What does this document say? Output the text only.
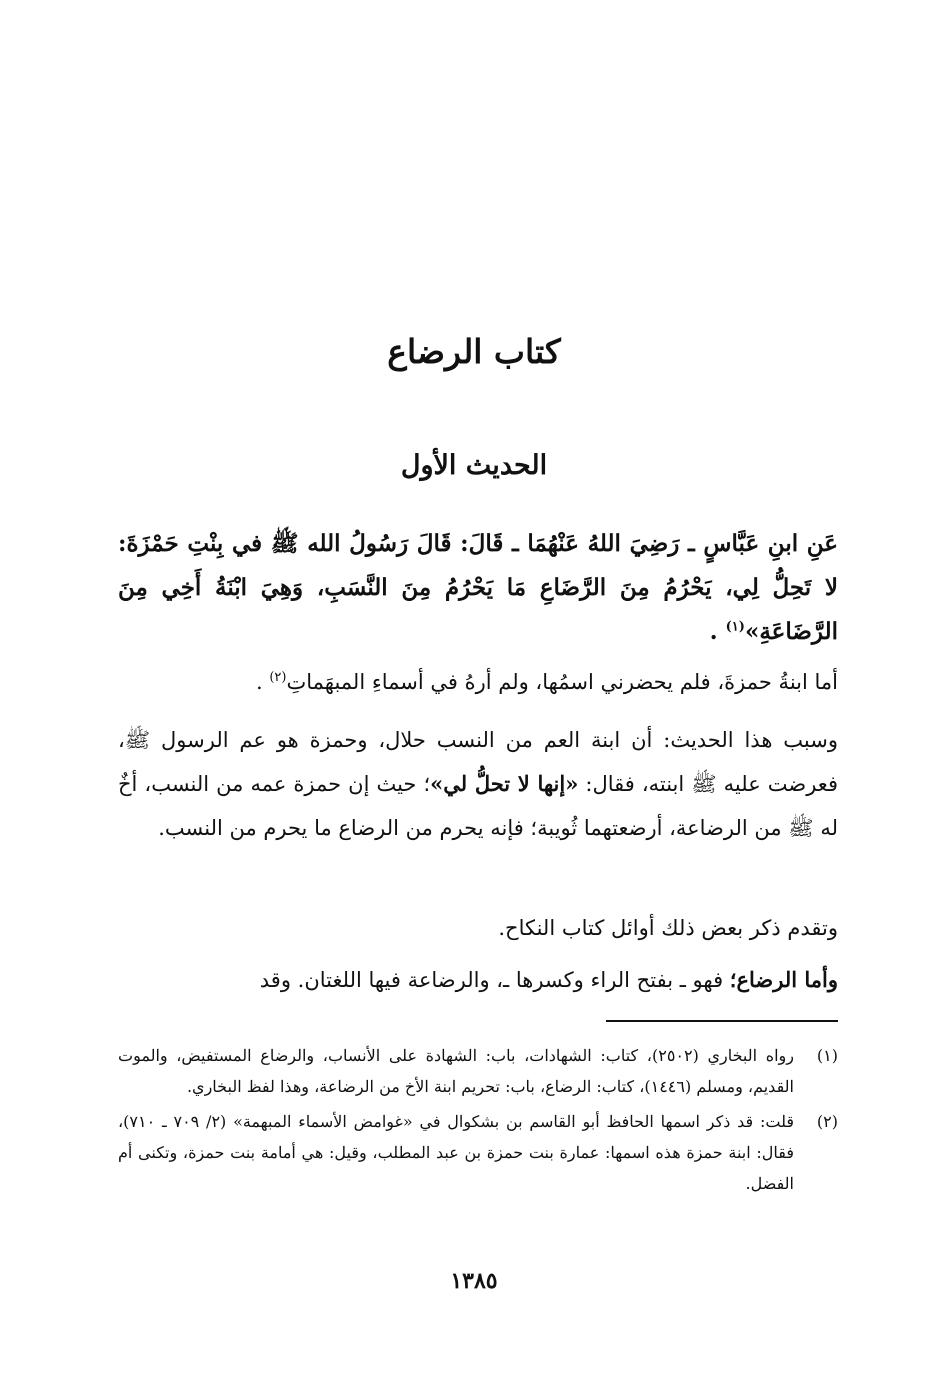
كتاب الرضاع
الحديث الأول

عَنِ ابنِ عَبَّاسٍ ـ رَضِيَ اللهُ عَنْهُمَا ـ قَالَ: قَالَ رَسُولُ الله ﷺ في بِنْتِ حَمْزَةَ: لا تَحِلُّ لِي، يَحْرُمُ مِنَ الرَّضَاعِ مَا يَحْرُمُ مِنَ النَّسَبِ، وَهِيَ ابْنَةُ أَخِي مِنَ الرَّضَاعَةِ»$^{(١)}$ .

أما ابنةُ حمزةَ، فلم يحضرني اسمُها، ولم أرهُ في أسماءِ المبهَماتِ$^{(٢)}$ .

وسبب هذا الحديث: أن ابنة العم من النسب حلال، وحمزة هو عم الرسول ﷺ، فعرضت عليه ﷺ ابنته، فقال: «إنها لا تحلُّ لي»؛ حيث إن حمزة عمه من النسب، أخٌ له ﷺ من الرضاعة، أرضعتهما ثُويبة؛ فإنه يحرم من الرضاع ما يحرم من النسب.

وتقدم ذكر بعض ذلك أوائل كتاب النكاح.

وأما الرضاع؛ فهو ـ بفتح الراء وكسرها ـ، والرضاعة فيها اللغتان. وقد

(١)
رواه البخاري (٢٥٠٢)، كتاب: الشهادات، باب: الشهادة على الأنساب، والرضاع المستفيض، والموت القديم، ومسلم (١٤٤٦)، كتاب: الرضاع، باب: تحريم ابنة الأخ من الرضاعة، وهذا لفظ البخاري.
(٢)
قلت: قد ذكر اسمها الحافظ أبو القاسم بن بشكوال في «غوامض الأسماء المبهمة» (٢/ ٧٠٩ ـ ٧١٠)، فقال: ابنة حمزة هذه اسمها: عمارة بنت حمزة بن عبد المطلب، وقيل: هي أمامة بنت حمزة، وتكنى أم الفضل.
١٣٨٥
